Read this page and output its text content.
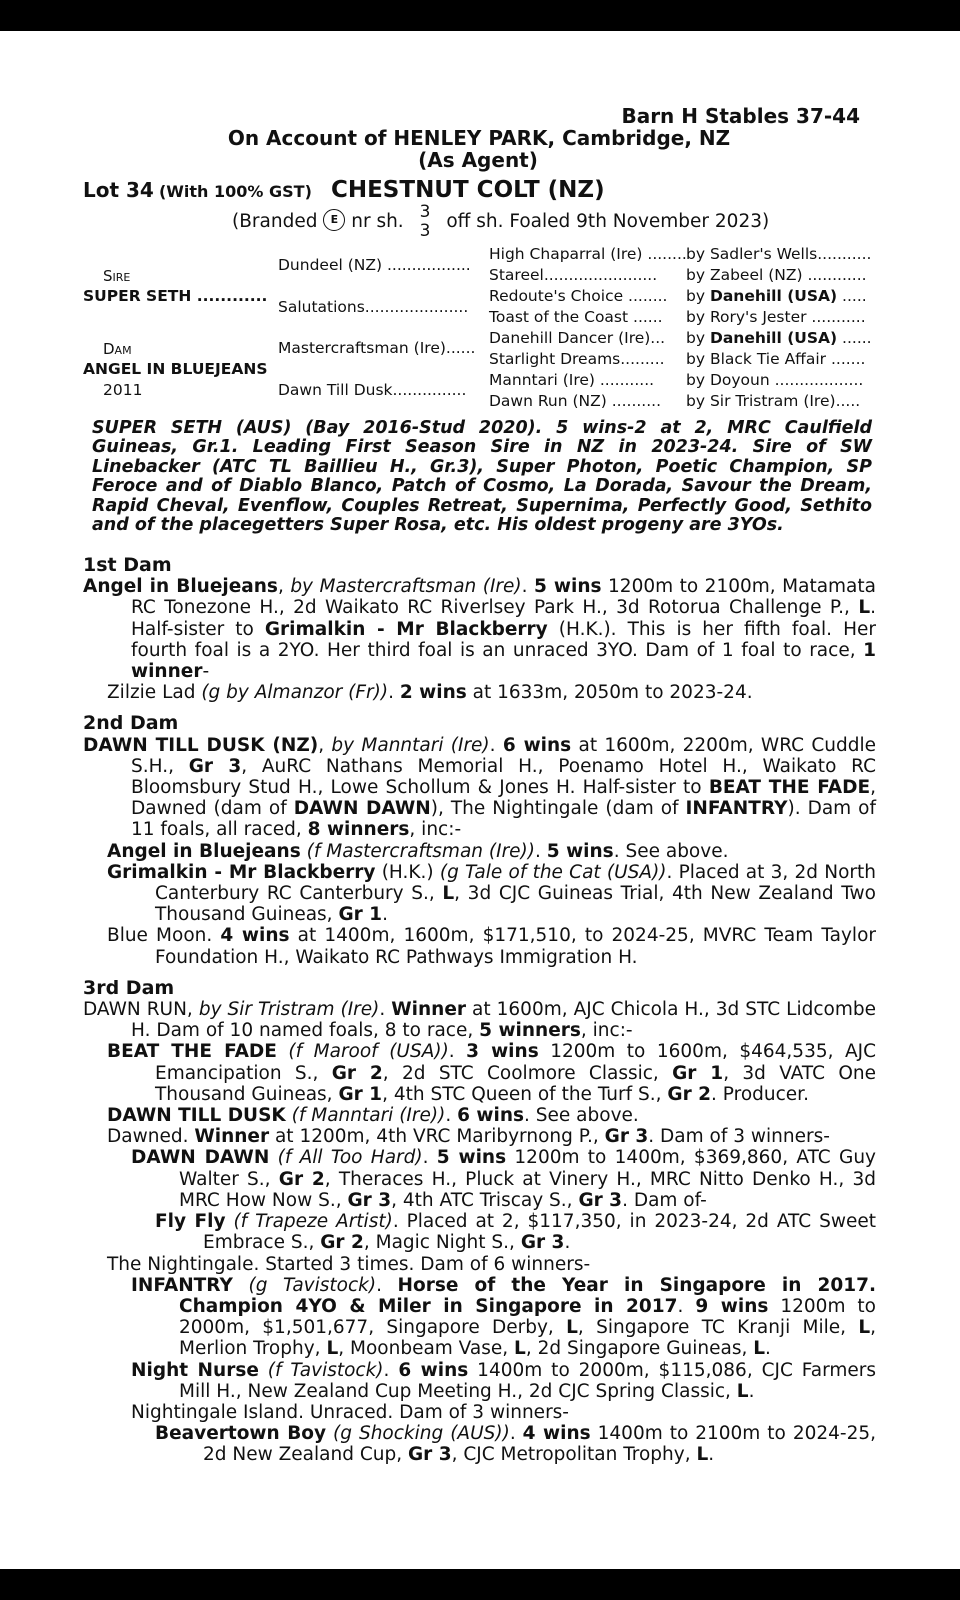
Barn H Stables 37-44
On Account of HENLEY PARK, Cambridge, NZ
(As Agent)
Lot 34 (With 100% GST) CHESTNUT COLT (NZ)
(Branded E nr sh. 3
3 off sh. Foaled 9th November 2023)
Sire
SUPER SETH ............
Dam
ANGEL IN BLUEJEANS
2011
Dundeel (NZ) .................
Salutations.....................
Mastercraftsman (Ire)......
Dawn Till Dusk...............
High Chaparral (Ire) ........
Stareel.......................
Redoute's Choice ........
Toast of the Coast ......
Danehill Dancer (Ire)...
Starlight Dreams.........
Manntari (Ire) ...........
Dawn Run (NZ) ..........
by Sadler's Wells...........
by Zabeel (NZ) ............
by Danehill (USA) .....
by Rory's Jester ...........
by Danehill (USA) ......
by Black Tie Affair .......
by Doyoun ..................
by Sir Tristram (Ire).....
SUPER SETH (AUS) (Bay 2016-Stud 2020). 5 wins-2 at 2, MRC Caulfield Guineas, Gr.1. Leading First Season Sire in NZ in 2023-24. Sire of SW Linebacker (ATC TL Baillieu H., Gr.3), Super Photon, Poetic Champion, SP Feroce and of Diablo Blanco, Patch of Cosmo, La Dorada, Savour the Dream, Rapid Cheval, Evenflow, Couples Retreat, Supernima, Perfectly Good, Sethito and of the placegetters Super Rosa, etc. His oldest progeny are 3YOs.

1st Dam

Angel in Bluejeans, by Mastercraftsman (Ire). 5 wins 1200m to 2100m, Matamata RC Tonezone H., 2d Waikato RC Riverlsey Park H., 3d Rotorua Challenge P., L. Half-sister to Grimalkin - Mr Blackberry (H.K.). This is her fifth foal. Her fourth foal is a 2YO. Her third foal is an unraced 3YO. Dam of 1 foal to race, 1 winner-

Zilzie Lad (g by Almanzor (Fr)). 2 wins at 1633m, 2050m to 2023-24.

2nd Dam

DAWN TILL DUSK (NZ), by Manntari (Ire). 6 wins at 1600m, 2200m, WRC Cuddle S.H., Gr 3, AuRC Nathans Memorial H., Poenamo Hotel H., Waikato RC Bloomsbury Stud H., Lowe Schollum & Jones H. Half-sister to BEAT THE FADE, Dawned (dam of DAWN DAWN), The Nightingale (dam of INFANTRY). Dam of 11 foals, all raced, 8 winners, inc:-

Angel in Bluejeans (f Mastercraftsman (Ire)). 5 wins. See above.

Grimalkin - Mr Blackberry (H.K.) (g Tale of the Cat (USA)). Placed at 3, 2d North Canterbury RC Canterbury S., L, 3d CJC Guineas Trial, 4th New Zealand Two Thousand Guineas, Gr 1.

Blue Moon. 4 wins at 1400m, 1600m, $171,510, to 2024-25, MVRC Team Taylor Foundation H., Waikato RC Pathways Immigration H.

3rd Dam

DAWN RUN, by Sir Tristram (Ire). Winner at 1600m, AJC Chicola H., 3d STC Lidcombe H. Dam of 10 named foals, 8 to race, 5 winners, inc:-

BEAT THE FADE (f Maroof (USA)). 3 wins 1200m to 1600m, $464,535, AJC Emancipation S., Gr 2, 2d STC Coolmore Classic, Gr 1, 3d VATC One Thousand Guineas, Gr 1, 4th STC Queen of the Turf S., Gr 2. Producer.

DAWN TILL DUSK (f Manntari (Ire)). 6 wins. See above.

Dawned. Winner at 1200m, 4th VRC Maribyrnong P., Gr 3. Dam of 3 winners-

DAWN DAWN (f All Too Hard). 5 wins 1200m to 1400m, $369,860, ATC Guy Walter S., Gr 2, Theraces H., Pluck at Vinery H., MRC Nitto Denko H., 3d MRC How Now S., Gr 3, 4th ATC Triscay S., Gr 3. Dam of-

Fly Fly (f Trapeze Artist). Placed at 2, $117,350, in 2023-24, 2d ATC Sweet Embrace S., Gr 2, Magic Night S., Gr 3.

The Nightingale. Started 3 times. Dam of 6 winners-

INFANTRY (g Tavistock). Horse of the Year in Singapore in 2017. Champion 4YO & Miler in Singapore in 2017. 9 wins 1200m to 2000m, $1,501,677, Singapore Derby, L, Singapore TC Kranji Mile, L, Merlion Trophy, L, Moonbeam Vase, L, 2d Singapore Guineas, L.

Night Nurse (f Tavistock). 6 wins 1400m to 2000m, $115,086, CJC Farmers Mill H., New Zealand Cup Meeting H., 2d CJC Spring Classic, L.

Nightingale Island. Unraced. Dam of 3 winners-

Beavertown Boy (g Shocking (AUS)). 4 wins 1400m to 2100m to 2024-25, 2d New Zealand Cup, Gr 3, CJC Metropolitan Trophy, L.
